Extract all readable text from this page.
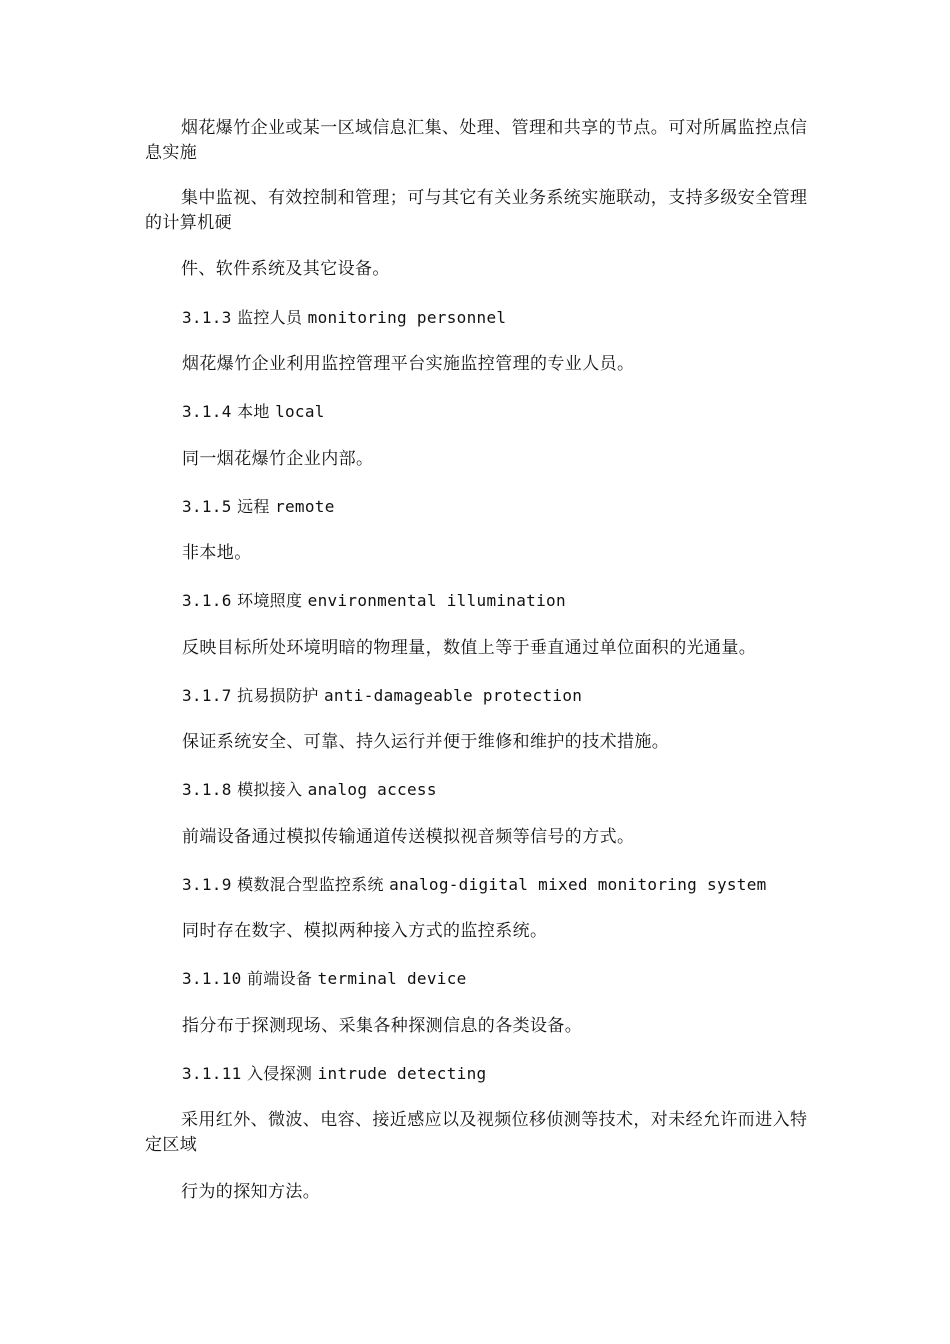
烟花爆竹企业或某一区域信息汇集、处理、管理和共享的节点。可对所属监控点信息实施

集中监视、有效控制和管理；可与其它有关业务系统实施联动，支持多级安全管理的计算机硬

件、软件系统及其它设备。

3.1.3 监控人员 monitoring personnel

烟花爆竹企业利用监控管理平台实施监控管理的专业人员。

3.1.4 本地 local

同一烟花爆竹企业内部。

3.1.5 远程 remote

非本地。

3.1.6 环境照度 environmental illumination

反映目标所处环境明暗的物理量，数值上等于垂直通过单位面积的光通量。

3.1.7 抗易损防护 anti-damageable protection

保证系统安全、可靠、持久运行并便于维修和维护的技术措施。

3.1.8 模拟接入 analog access

前端设备通过模拟传输通道传送模拟视音频等信号的方式。

3.1.9 模数混合型监控系统 analog-digital mixed monitoring system

同时存在数字、模拟两种接入方式的监控系统。

3.1.10 前端设备 terminal device

指分布于探测现场、采集各种探测信息的各类设备。

3.1.11 入侵探测 intrude detecting

采用红外、微波、电容、接近感应以及视频位移侦测等技术，对未经允许而进入特定区域

行为的探知方法。
